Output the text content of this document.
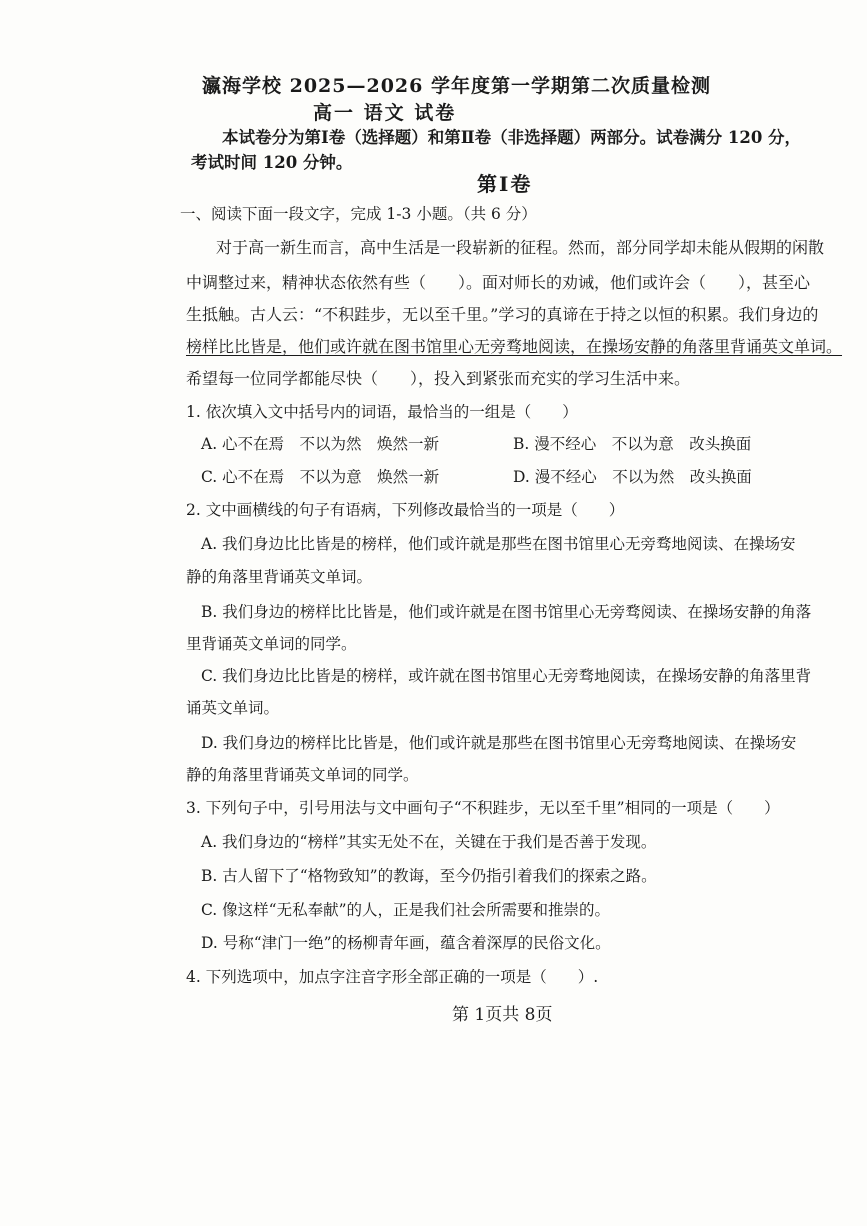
瀛海学校 2025—2026 学年度第一学期第二次质量检测
高一 语文 试卷
本试卷分为第Ⅰ卷（选择题）和第Ⅱ卷（非选择题）两部分。试卷满分 120 分，
考试时间 120 分钟。
第Ⅰ卷
一、阅读下面一段文字，完成 1-3 小题。（共 6 分）
对于高一新生而言，高中生活是一段崭新的征程。然而，部分同学却未能从假期的闲散
中调整过来，精神状态依然有些（　　）。面对师长的劝诫，他们或许会（　　），甚至心
生抵触。古人云：“不积跬步，无以至千里。”学习的真谛在于持之以恒的积累。我们身边的
榜样比比皆是，他们或许就在图书馆里心无旁骛地阅读，在操场安静的角落里背诵英文单词。
希望每一位同学都能尽快（　　），投入到紧张而充实的学习生活中来。
1. 依次填入文中括号内的词语，最恰当的一组是（　　）
A. 心不在焉　不以为然　焕然一新	B. 漫不经心　不以为意　改头换面
C. 心不在焉　不以为意　焕然一新	D. 漫不经心　不以为然　改头换面
2. 文中画横线的句子有语病，下列修改最恰当的一项是（　　）
A. 我们身边比比皆是的榜样，他们或许就是那些在图书馆里心无旁骛地阅读、在操场安
静的角落里背诵英文单词。
B. 我们身边的榜样比比皆是，他们或许就是在图书馆里心无旁骛阅读、在操场安静的角落
里背诵英文单词的同学。
C. 我们身边比比皆是的榜样，或许就在图书馆里心无旁骛地阅读，在操场安静的角落里背
诵英文单词。
D. 我们身边的榜样比比皆是，他们或许就是那些在图书馆里心无旁骛地阅读、在操场安
静的角落里背诵英文单词的同学。
3. 下列句子中，引号用法与文中画句子“不积跬步，无以至千里”相同的一项是（　　）
A. 我们身边的“榜样”其实无处不在，关键在于我们是否善于发现。
B. 古人留下了“格物致知”的教诲，至今仍指引着我们的探索之路。
C. 像这样“无私奉献”的人，正是我们社会所需要和推崇的。
D. 号称“津门一绝”的杨柳青年画，蕴含着深厚的民俗文化。
4. 下列选项中，加点字注音字形全部正确的一项是（　　）.
第 1页共 8页
